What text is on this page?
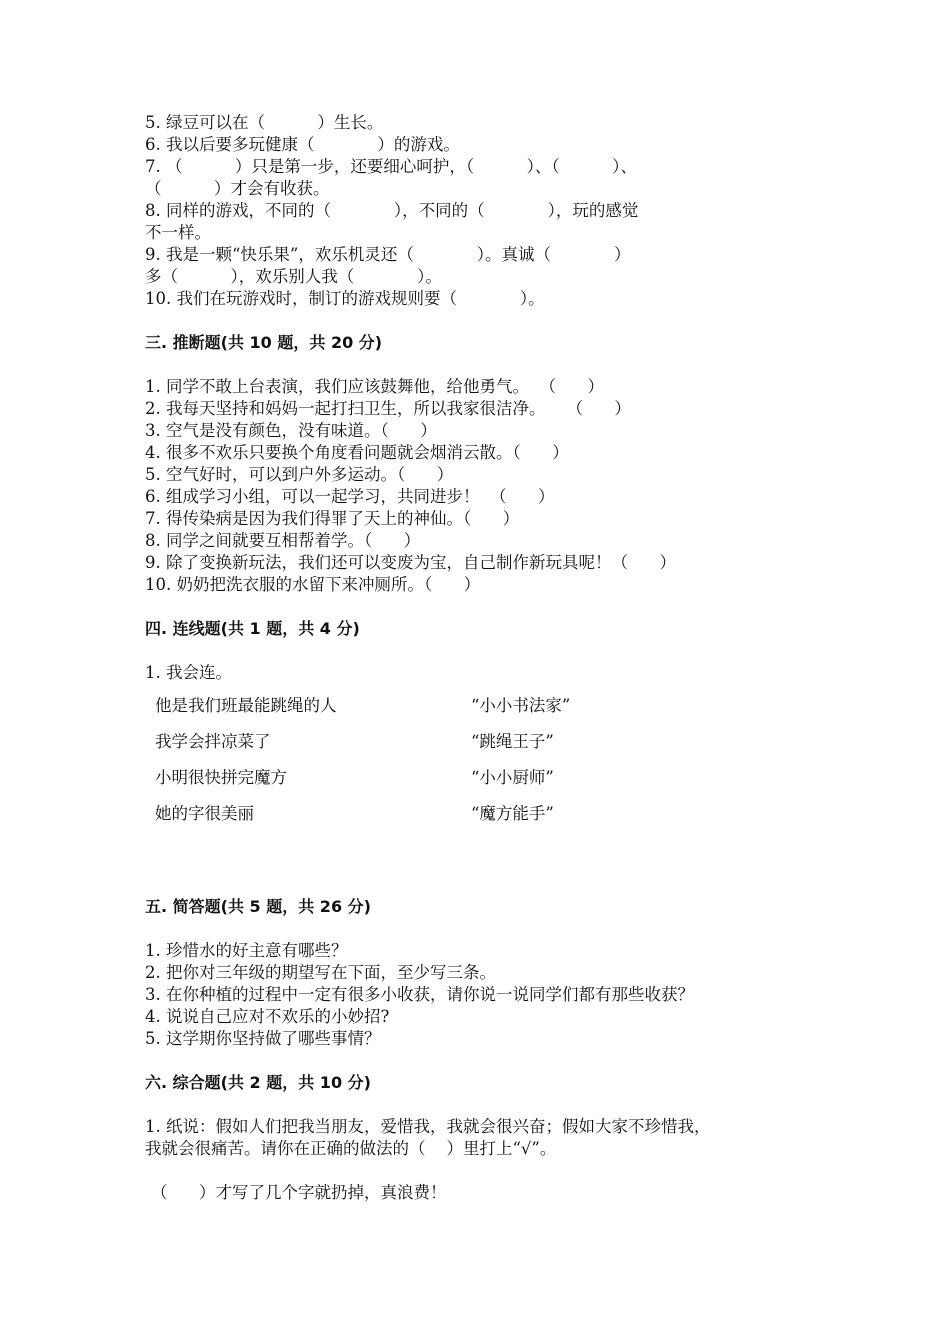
5. 绿豆可以在（          ）生长。
6. 我以后要多玩健康（            ）的游戏。
7. （          ）只是第一步，还要细心呵护，（          ）、（          ）、
（          ）才会有收获。
8. 同样的游戏，不同的（            ），不同的（            ），玩的感觉
不一样。
9. 我是一颗“快乐果”，欢乐机灵还（            ）。真诚（            ）
多（          ），欢乐别人我（            ）。
10. 我们在玩游戏时，制订的游戏规则要（            ）。
三. 推断题(共 10 题，共 20 分)
1. 同学不敢上台表演，我们应该鼓舞他，给他勇气。  （      ）
2. 我每天坚持和妈妈一起打扫卫生，所以我家很洁净。    （      ）
3. 空气是没有颜色，没有味道。（      ）
4. 很多不欢乐只要换个角度看问题就会烟消云散。（      ）
5. 空气好时，可以到户外多运动。（      ）
6. 组成学习小组，可以一起学习，共同进步！  （      ）
7. 得传染病是因为我们得罪了天上的神仙。（      ）
8. 同学之间就要互相帮着学。（      ）
9. 除了变换新玩法，我们还可以变废为宝，自己制作新玩具呢！（      ）
10. 奶奶把洗衣服的水留下来冲厕所。（      ）
四. 连线题(共 1 题，共 4 分)
1. 我会连。
他是我们班最能跳绳的人	“小小书法家”
我学会拌凉菜了	“跳绳王子”
小明很快拼完魔方	“小小厨师”
她的字很美丽	“魔方能手”
五. 简答题(共 5 题，共 26 分)
1. 珍惜水的好主意有哪些？
2. 把你对三年级的期望写在下面，至少写三条。
3. 在你种植的过程中一定有很多小收获，请你说一说同学们都有那些收获？
4. 说说自己应对不欢乐的小妙招?
5. 这学期你坚持做了哪些事情？
六. 综合题(共 2 题，共 10 分)
1. 纸说：假如人们把我当朋友，爱惜我，我就会很兴奋；假如大家不珍惜我，
我就会很痛苦。请你在正确的做法的（    ）里打上“√”。
（      ）才写了几个字就扔掉，真浪费！
